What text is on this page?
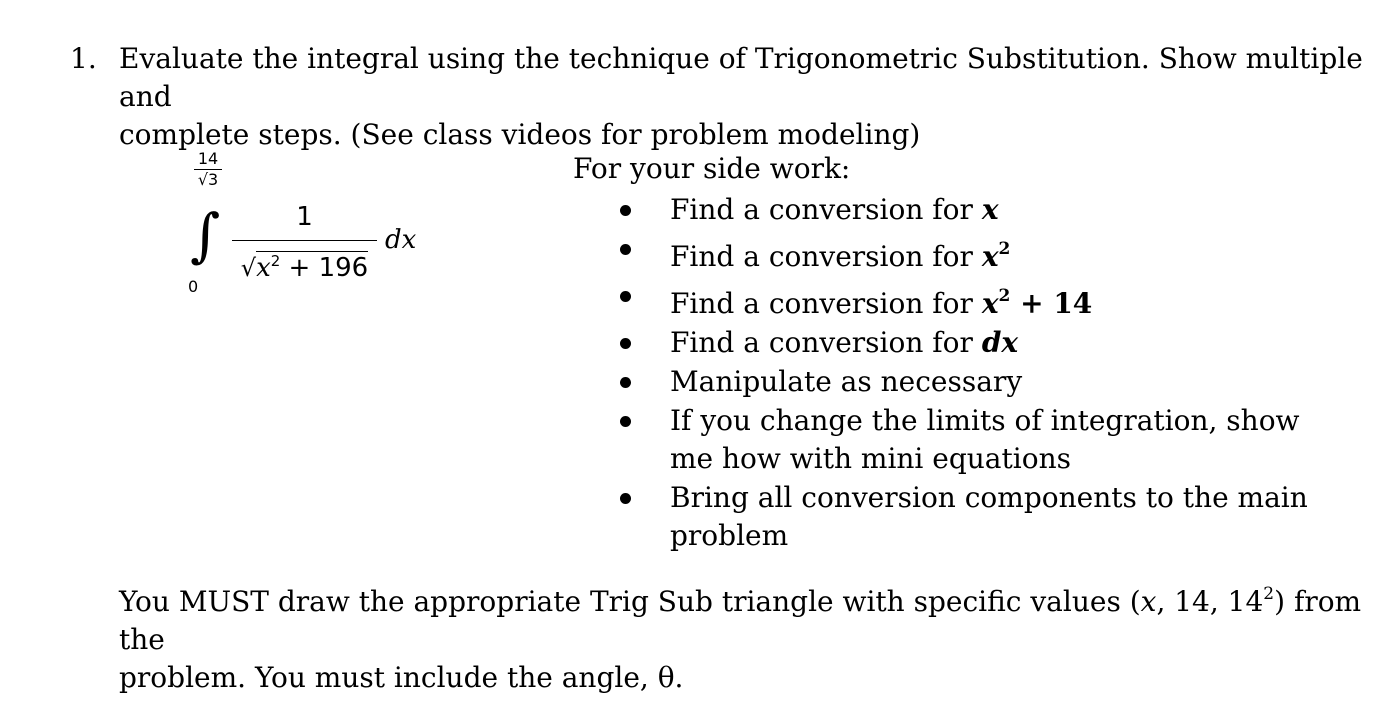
1. Evaluate the integral using the technique of Trigonometric Substitution. Show multiple and

complete steps. (See class videos for problem modeling)

14
√3
∫
0
1
$√x^2 + 196$
dx
For your side work:
Find a conversion for x
Find a conversion for $x^2$
Find a conversion for $x^2 + 14$
Find a conversion for dx
Manipulate as necessary
If you change the limits of integration, show me how with mini equations
Bring all conversion components to the main problem

You MUST draw the appropriate Trig Sub triangle with specific values (x, 14, $14^2$) from the

problem. You must include the angle, θ.
